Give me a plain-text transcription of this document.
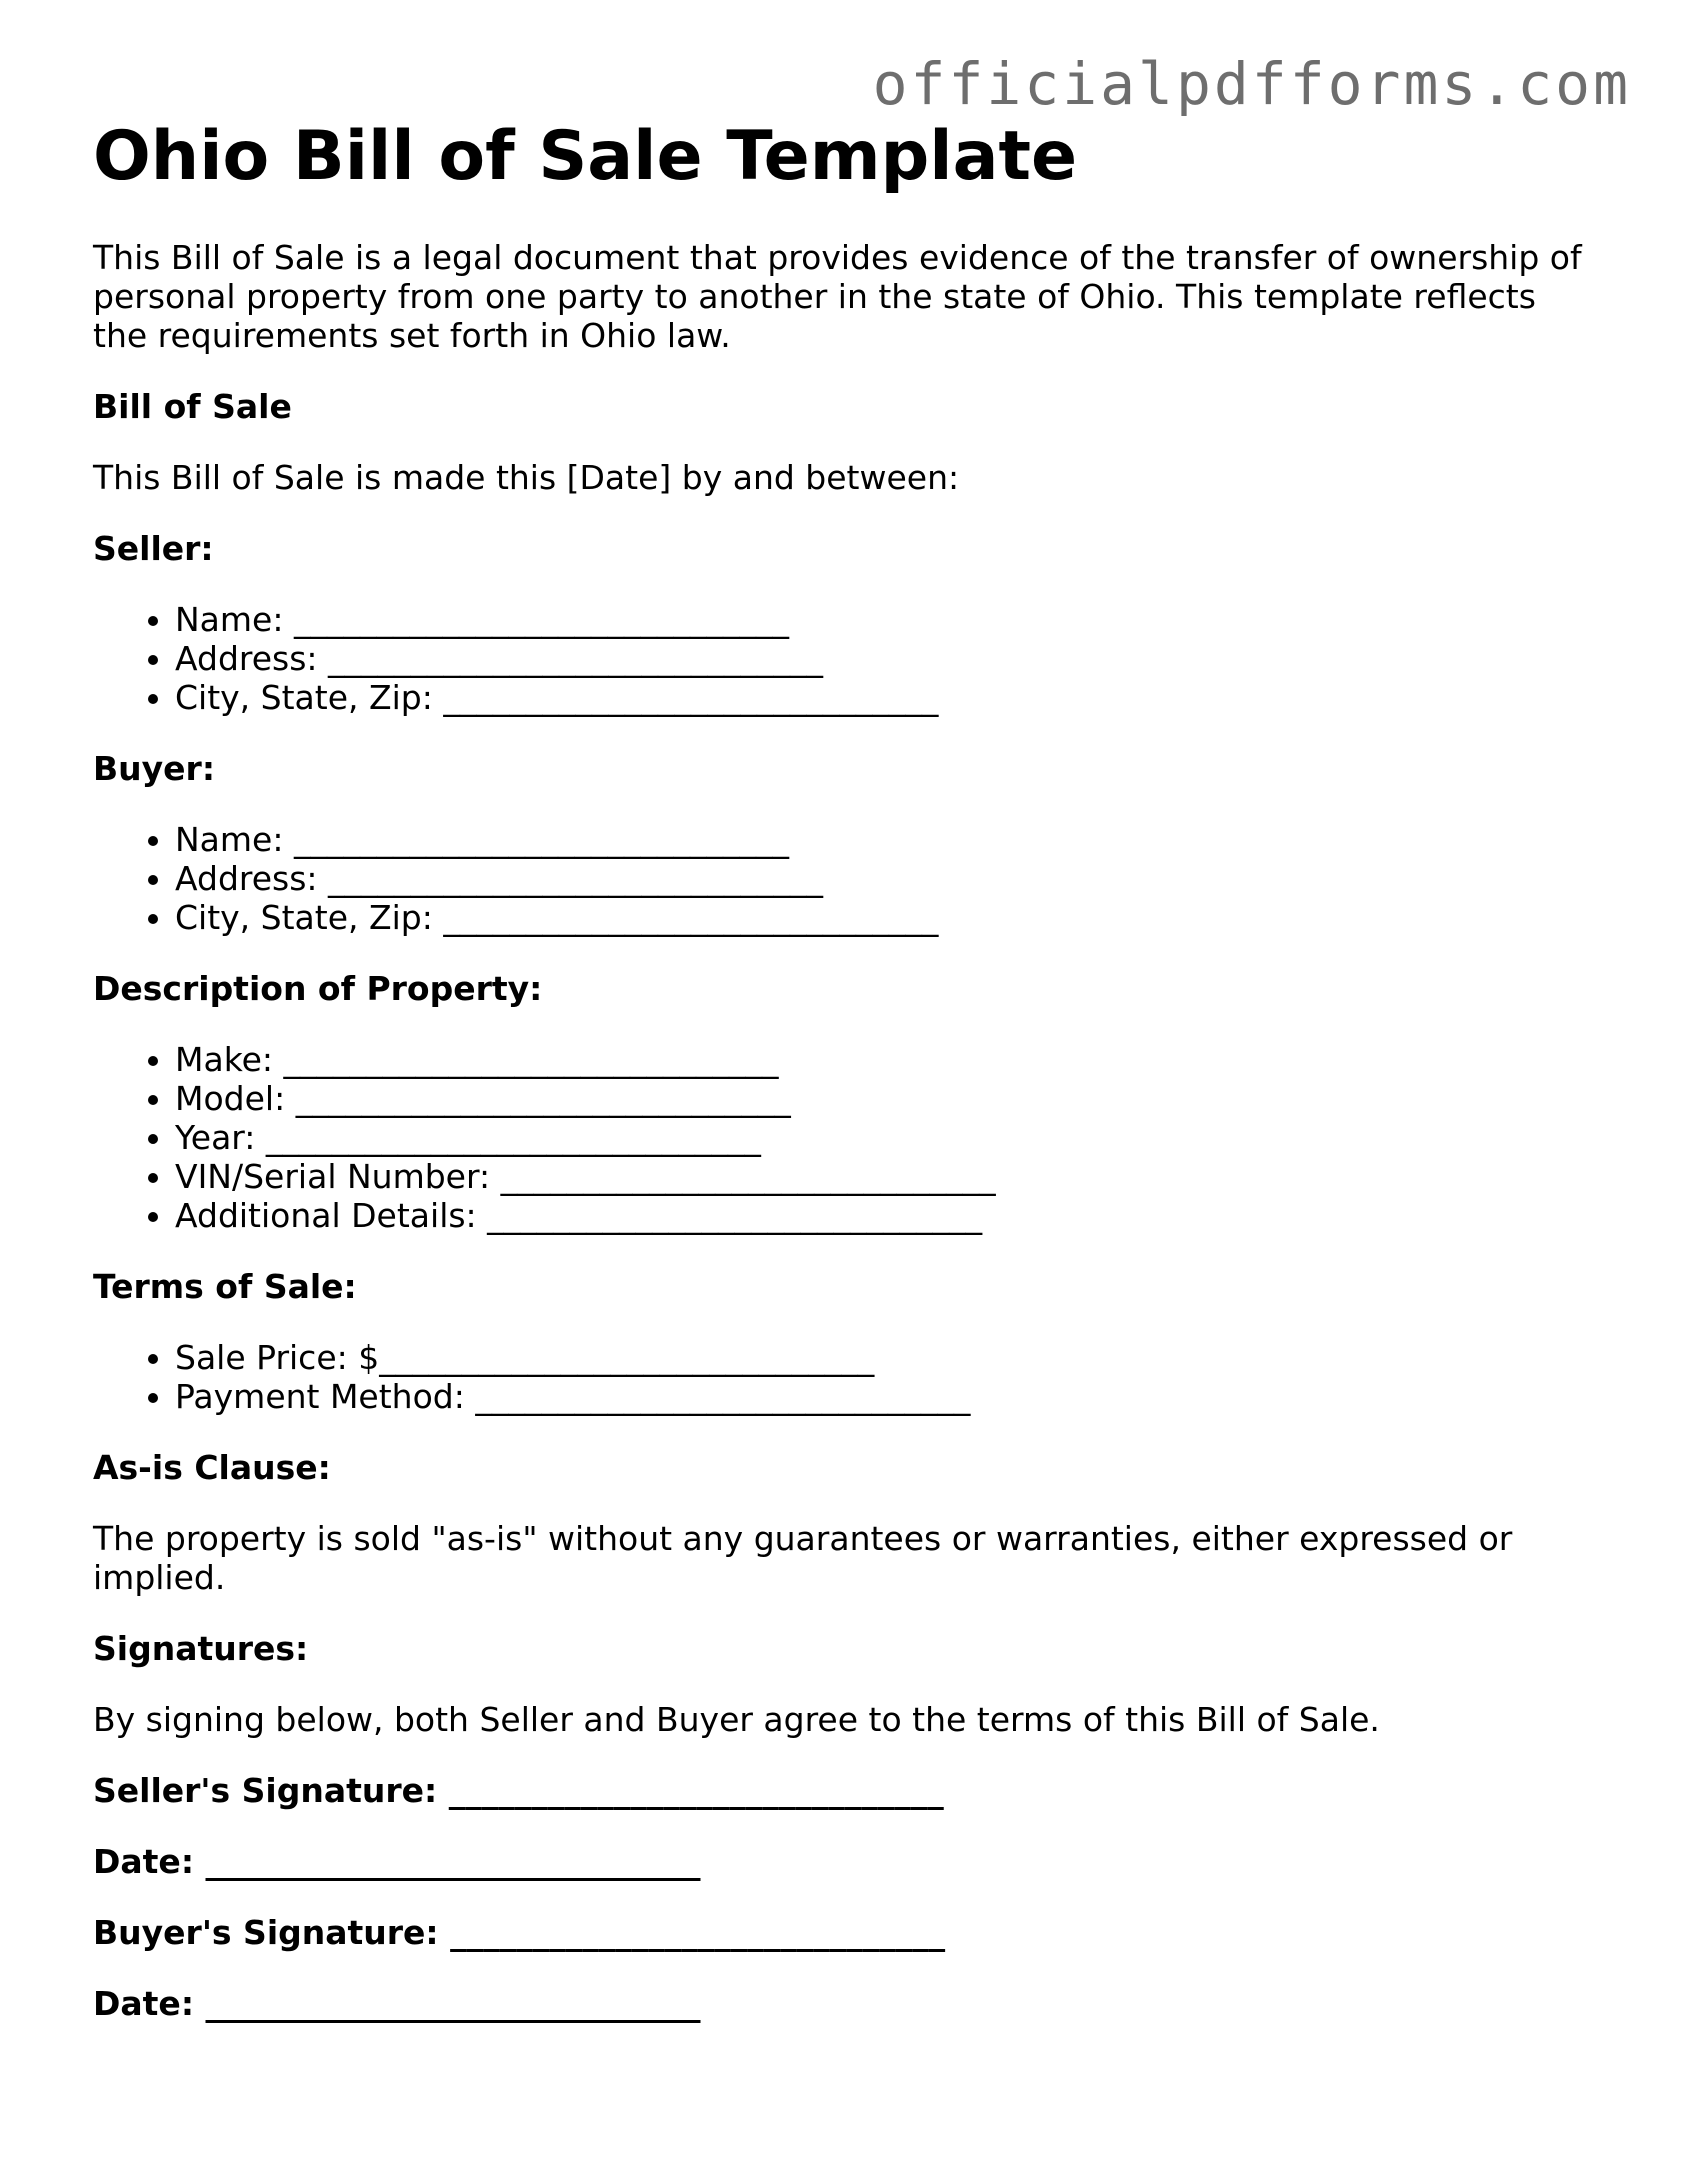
officialpdfforms.com
Ohio Bill of Sale Template

This Bill of Sale is a legal document that provides evidence of the transfer of ownership of personal property from one party to another in the state of Ohio. This template reflects the requirements set forth in Ohio law.

Bill of Sale

This Bill of Sale is made this [Date] by and between:

Seller:
• Name: ______________________________
• Address: ______________________________
• City, State, Zip: ______________________________
Buyer:
• Name: ______________________________
• Address: ______________________________
• City, State, Zip: ______________________________
Description of Property:
• Make: ______________________________
• Model: ______________________________
• Year: ______________________________
• VIN/Serial Number: ______________________________
• Additional Details: ______________________________
Terms of Sale:
• Sale Price: $______________________________
• Payment Method: ______________________________
As-is Clause:

The property is sold "as-is" without any guarantees or warranties, either expressed or implied.

Signatures:

By signing below, both Seller and Buyer agree to the terms of this Bill of Sale.

Seller's Signature: ______________________________
Date: ______________________________
Buyer's Signature: ______________________________
Date: ______________________________
